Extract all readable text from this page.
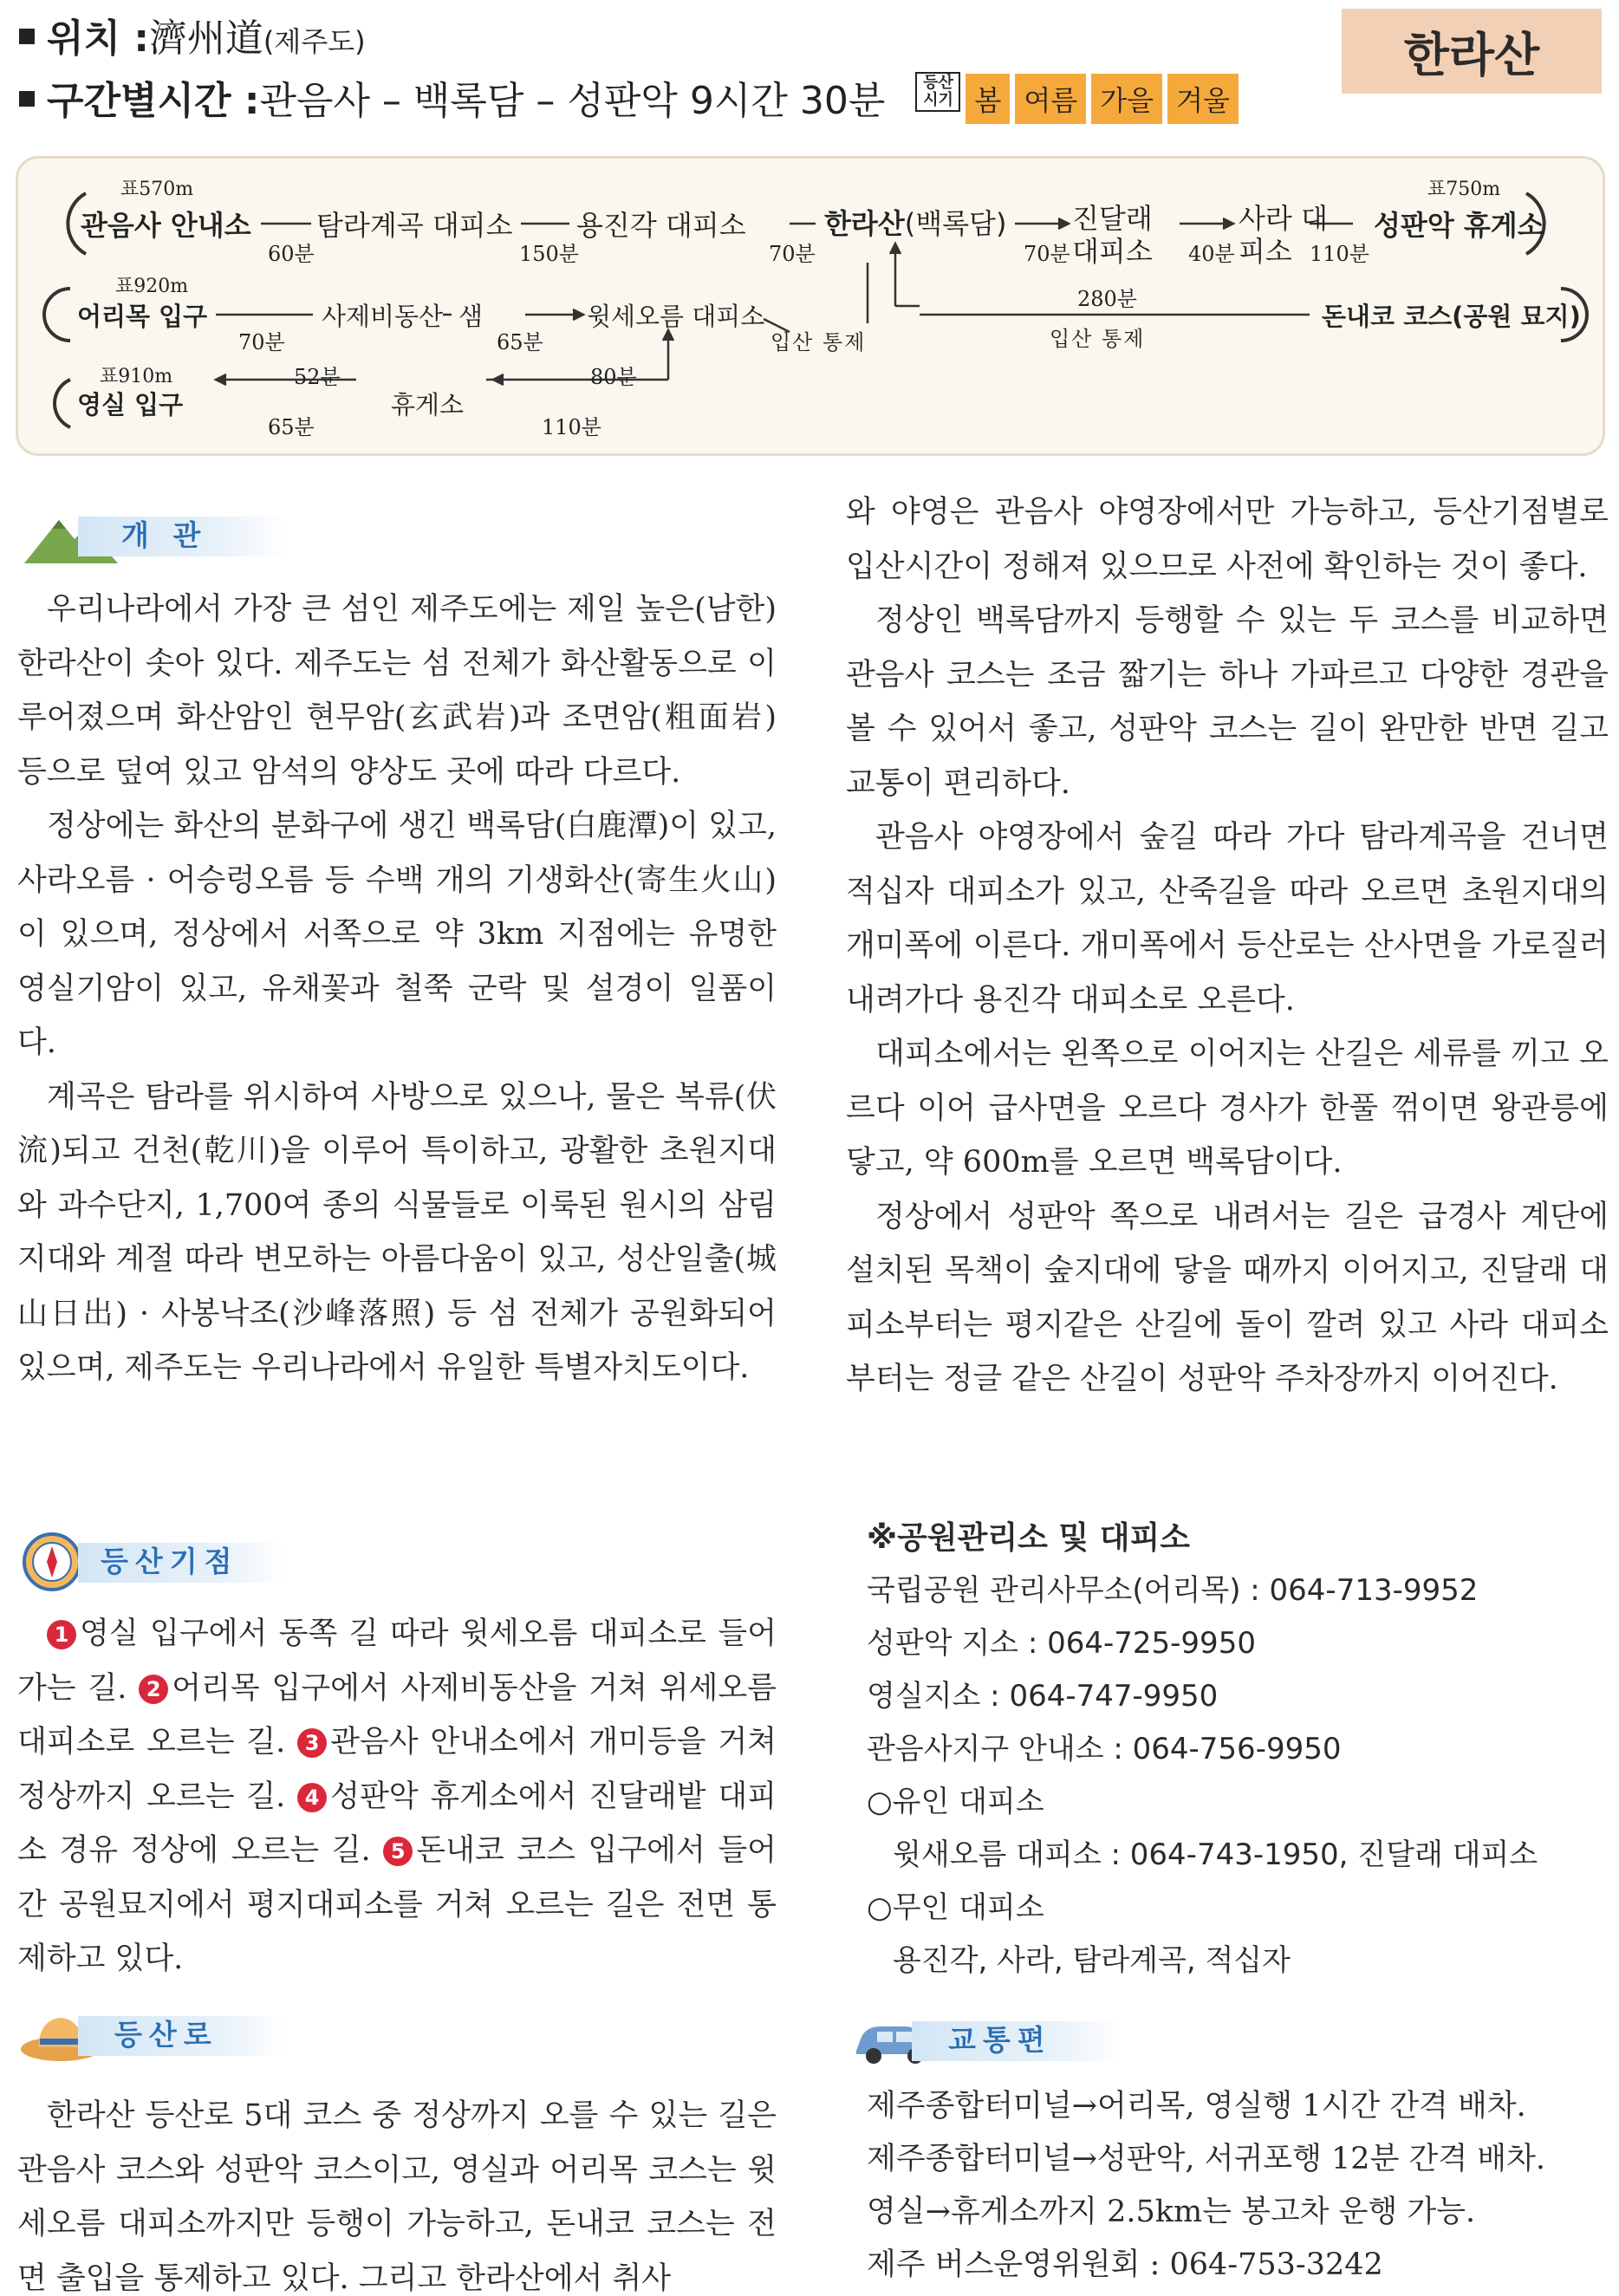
위치 :濟州道(제주도)
구간별시간 :관음사 – 백록담 – 성판악 9시간 30분 등산시기 봄 여름 가을 겨울
한라산
표570m
관음사 안내소
60분
탐라계곡 대피소
150분
용진각 대피소
70분
한라산(백록담)
70분
진달래 대피소	40분
사라 대피소 110분
표750m
성판악 휴게소
표920m
어리목 입구
70분
사제비동산 샘
65분
윗세오름 대피소
입산 통제
280분
입산 통제
돈내코 코스(공원 묘지)
표910m
영실 입구
52분
65분
휴게소
80분
110분
개 관

우리나라에서 가장 큰 섬인 제주도에는 제일 높은(남한) 한라산이 솟아 있다. 제주도는 섬 전체가 화산활동으로 이루어졌으며 화산암인 현무암(玄武岩)과 조면암(粗面岩) 등으로 덮여 있고 암석의 양상도 곳에 따라 다르다.

정상에는 화산의 분화구에 생긴 백록담(白鹿潭)이 있고, 사라오름 · 어승렁오름 등 수백 개의 기생화산(寄生火山)이 있으며, 정상에서 서쪽으로 약 3km 지점에는 유명한 영실기암이 있고, 유채꽃과 철쭉 군락 및 설경이 일품이다.

계곡은 탐라를 위시하여 사방으로 있으나, 물은 복류(伏流)되고 건천(乾川)을 이루어 특이하고, 광활한 초원지대와 과수단지, 1,700여 종의 식물들로 이룩된 원시의 삼림지대와 계절 따라 변모하는 아름다움이 있고, 성산일출(城山日出) · 사봉낙조(沙峰落照) 등 섬 전체가 공원화되어 있으며, 제주도는 우리나라에서 유일한 특별자치도이다.

등산기점

1 영실 입구에서 동쪽 길 따라 윗세오름 대피소로 들어가는 길. 2 어리목 입구에서 사제비동산을 거쳐 위세오름 대피소로 오르는 길. 3 관음사 안내소에서 개미등을 거쳐 정상까지 오르는 길. 4 성판악 휴게소에서 진달래밭 대피소 경유 정상에 오르는 길. 5 돈내코 코스 입구에서 들어간 공원묘지에서 평지대피소를 거쳐 오르는 길은 전면 통제하고 있다.

등산로

한라산 등산로 5대 코스 중 정상까지 오를 수 있는 길은 관음사 코스와 성판악 코스이고, 영실과 어리목 코스는 윗세오름 대피소까지만 등행이 가능하고, 돈내코 코스는 전면 출입을 통제하고 있다. 그리고 한라산에서 취사

와 야영은 관음사 야영장에서만 가능하고, 등산기점별로 입산시간이 정해져 있으므로 사전에 확인하는 것이 좋다.

정상인 백록담까지 등행할 수 있는 두 코스를 비교하면 관음사 코스는 조금 짧기는 하나 가파르고 다양한 경관을 볼 수 있어서 좋고, 성판악 코스는 길이 완만한 반면 길고 교통이 편리하다.

관음사 야영장에서 숲길 따라 가다 탐라계곡을 건너면 적십자 대피소가 있고, 산죽길을 따라 오르면 초원지대의 개미폭에 이른다. 개미폭에서 등산로는 산사면을 가로질러 내려가다 용진각 대피소로 오른다.

대피소에서는 왼쪽으로 이어지는 산길은 세류를 끼고 오르다 이어 급사면을 오르다 경사가 한풀 꺾이면 왕관릉에 닿고, 약 600m를 오르면 백록담이다.

정상에서 성판악 쪽으로 내려서는 길은 급경사 계단에 설치된 목책이 숲지대에 닿을 때까지 이어지고, 진달래 대피소부터는 평지같은 산길에 돌이 깔려 있고 사라 대피소부터는 정글 같은 산길이 성판악 주차장까지 이어진다.

※공원관리소 및 대피소
국립공원 관리사무소(어리목) : 064-713-9952
성판악 지소 : 064-725-9950
영실지소 : 064-747-9950
관음사지구 안내소 : 064-756-9950
○유인 대피소
윗새오름 대피소 : 064-743-1950, 진달래 대피소
○무인 대피소
용진각, 사라, 탐라계곡, 적십자
교통편
제주종합터미널→어리목, 영실행 1시간 간격 배차.
제주종합터미널→성판악, 서귀포행 12분 간격 배차.
영실→휴게소까지 2.5km는 봉고차 운행 가능.
제주 버스운영위원회 : 064-753-3242
